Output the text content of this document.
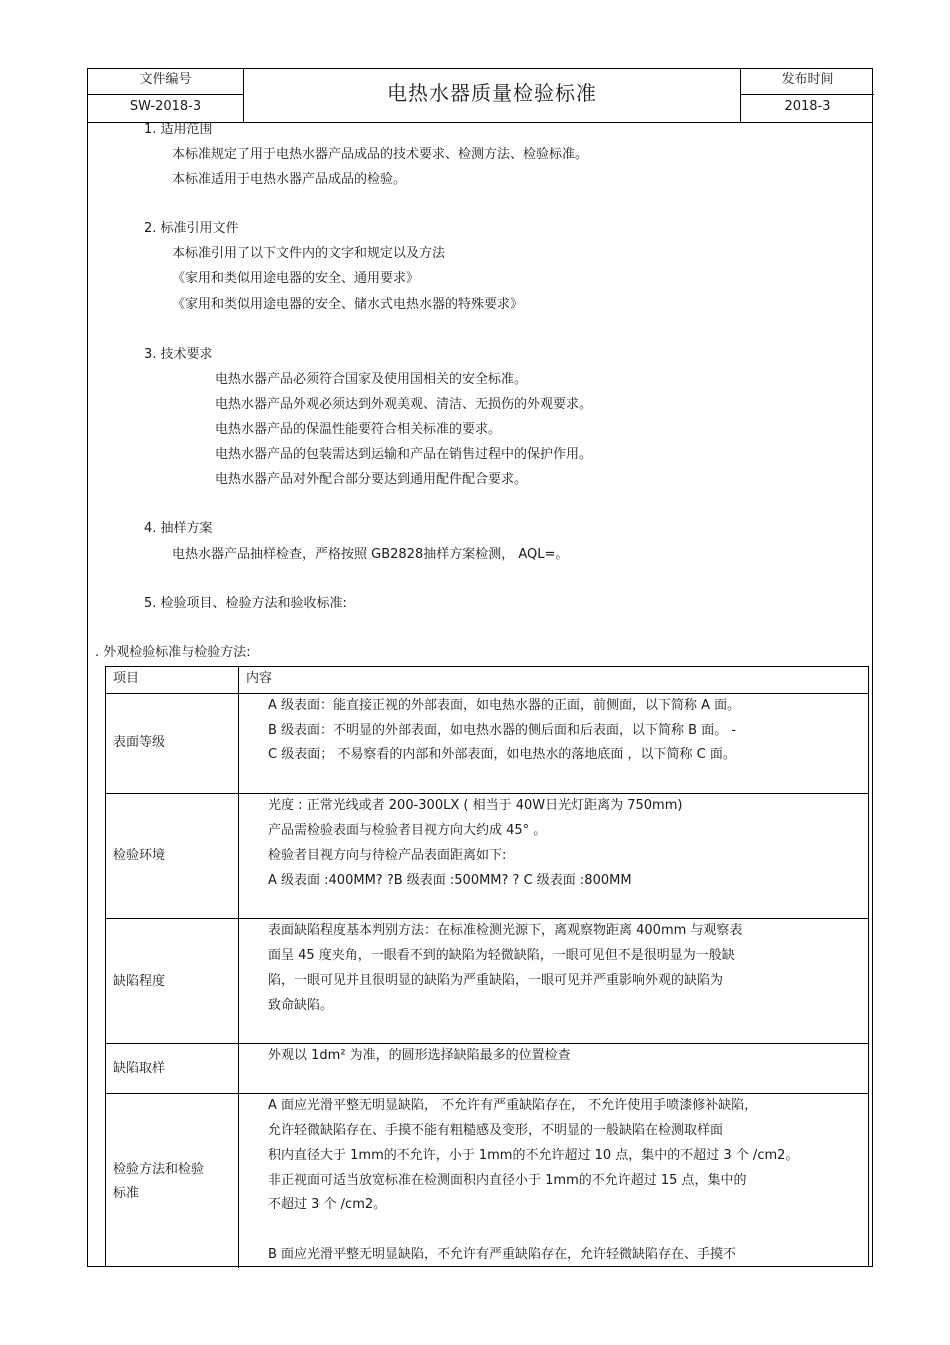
文件编号
SW-2018-3
电热水器质量检验标准
发布时间
2018-3
1. 适用范围
本标准规定了用于电热水器产品成品的技术要求、检测方法、检验标准。
本标准适用于电热水器产品成品的检验。
2. 标准引用文件
本标准引用了以下文件内的文字和规定以及方法
《家用和类似用途电器的安全、通用要求》
《家用和类似用途电器的安全、储水式电热水器的特殊要求》
3. 技术要求
电热水器产品必须符合国家及使用国相关的安全标准。
电热水器产品外观必须达到外观美观、清洁、无损伤的外观要求。
电热水器产品的保温性能要符合相关标准的要求。
电热水器产品的包装需达到运输和产品在销售过程中的保护作用。
电热水器产品对外配合部分要达到通用配件配合要求。
4. 抽样方案
电热水器产品抽样检查，严格按照 GB2828抽样方案检测， AQL=。
5. 检验项目、检验方法和验收标准:
. 外观检验标准与检验方法:
项目	内容
表面等级
A 级表面：能直接正视的外部表面，如电热水器的正面，前侧面，以下简称 A 面。
B 级表面：不明显的外部表面，如电热水器的侧后面和后表面，以下简称 B 面。 -
C 级表面； 不易察看的内部和外部表面，如电热水的落地底面 ，以下简称 C 面。
检验环境
光度 : 正常光线或者 200-300LX ( 相当于 40W日光灯距离为 750mm)
产品需检验表面与检验者目视方向大约成 45° 。
检验者目视方向与待检产品表面距离如下:
A 级表面 :400MM? ?B 级表面 :500MM? ? C 级表面 :800MM
缺陷程度
表面缺陷程度基本判别方法：在标准检测光源下，离观察物距离 400mm 与观察表
面呈 45 度夹角，一眼看不到的缺陷为轻微缺陷，一眼可见但不是很明显为一般缺
陷，一眼可见并且很明显的缺陷为严重缺陷，一眼可见并严重影响外观的缺陷为
致命缺陷。
缺陷取样
外观以 1dm² 为准，的圆形选择缺陷最多的位置检查
检验方法和检验
标准
A 面应光滑平整无明显缺陷， 不允许有严重缺陷存在， 不允许使用手喷漆修补缺陷，
允许轻微缺陷存在、手摸不能有粗糙感及变形，不明显的一般缺陷在检测取样面
积内直径大于 1mm的不允许，小于 1mm的不允许超过 10 点，集中的不超过 3 个 /cm2。
非正视面可适当放宽标准在检测面积内直径小于 1mm的不允许超过 15 点，集中的
不超过 3 个 /cm2。
B 面应光滑平整无明显缺陷，不允许有严重缺陷存在，允许轻微缺陷存在、手摸不
